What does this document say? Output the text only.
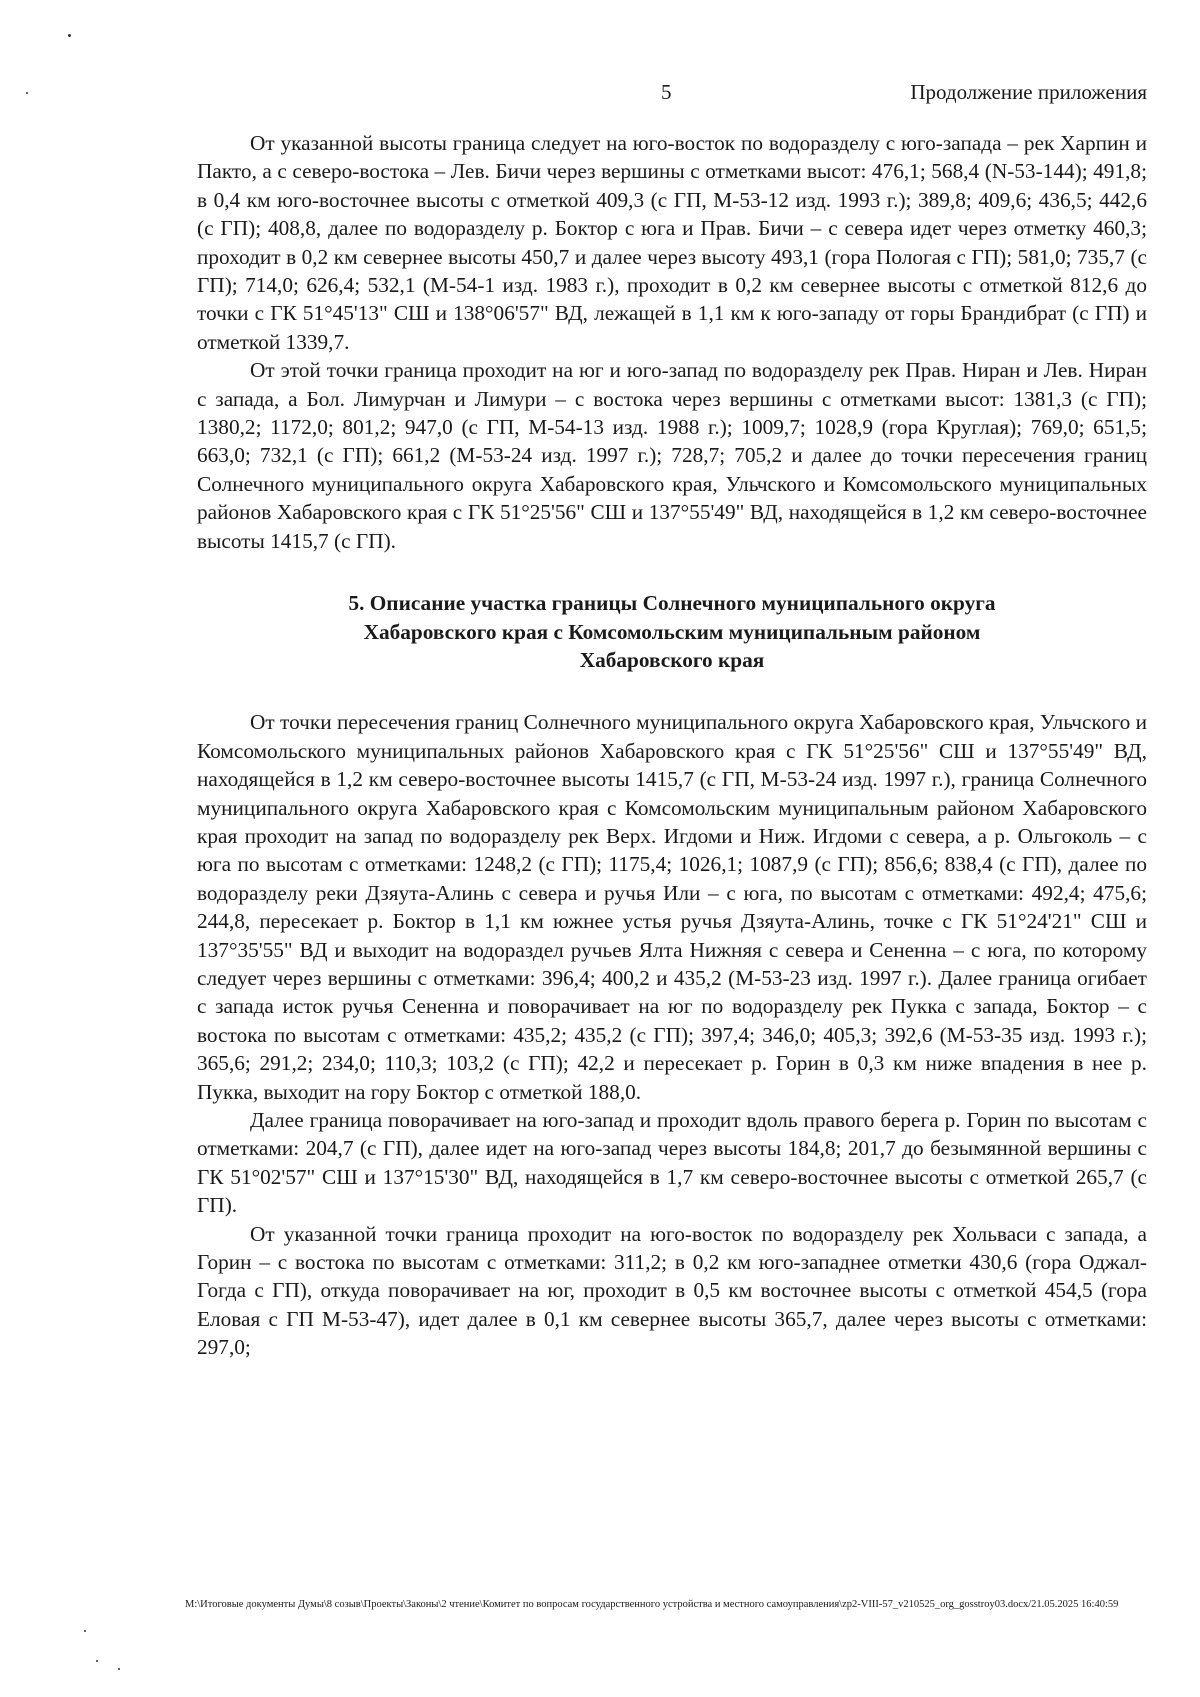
5	Продолжение приложения

От указанной высоты граница следует на юго-восток по водоразделу с юго-запада – рек Харпин и Пакто, а с северо-востока – Лев. Бичи через вершины с отметками высот: 476,1; 568,4 (N-53-144); 491,8; в 0,4 км юго-восточнее высоты с отметкой 409,3 (с ГП, М-53-12 изд. 1993 г.); 389,8; 409,6; 436,5; 442,6 (с ГП); 408,8, далее по водоразделу р. Боктор с юга и Прав. Бичи – с севера идет через отметку 460,3; проходит в 0,2 км севернее высоты 450,7 и далее через высоту 493,1 (гора Пологая с ГП); 581,0; 735,7 (с ГП); 714,0; 626,4; 532,1 (М-54-1 изд. 1983 г.), проходит в 0,2 км севернее высоты с отметкой 812,6 до точки с ГК 51°45'13" СШ и 138°06'57" ВД, лежащей в 1,1 км к юго-западу от горы Брандибрат (с ГП) и отметкой 1339,7.

От этой точки граница проходит на юг и юго-запад по водоразделу рек Прав. Ниран и Лев. Ниран с запада, а Бол. Лимурчан и Лимури – с востока через вершины с отметками высот: 1381,3 (с ГП); 1380,2; 1172,0; 801,2; 947,0 (с ГП, М-54-13 изд. 1988 г.); 1009,7; 1028,9 (гора Круглая); 769,0; 651,5; 663,0; 732,1 (с ГП); 661,2 (М-53-24 изд. 1997 г.); 728,7; 705,2 и далее до точки пересечения границ Солнечного муниципального округа Хабаровского края, Ульчского и Комсомольского муниципальных районов Хабаровского края с ГК 51°25'56" СШ и 137°55'49" ВД, находящейся в 1,2 км северо-восточнее высоты 1415,7 (с ГП).

5. Описание участка границы Солнечного муниципального округа
Хабаровского края с Комсомольским муниципальным районом
Хабаровского края

От точки пересечения границ Солнечного муниципального округа Хабаровского края, Ульчского и Комсомольского муниципальных районов Хабаровского края с ГК 51°25'56" СШ и 137°55'49" ВД, находящейся в 1,2 км северо-восточнее высоты 1415,7 (с ГП, М-53-24 изд. 1997 г.), граница Солнечного муниципального округа Хабаровского края с Комсомольским муниципальным районом Хабаровского края проходит на запад по водоразделу рек Верх. Игдоми и Ниж. Игдоми с севера, а р. Ольгоколь – с юга по высотам с отметками: 1248,2 (с ГП); 1175,4; 1026,1; 1087,9 (с ГП); 856,6; 838,4 (с ГП), далее по водоразделу реки Дзяута-Алинь с севера и ручья Или – с юга, по высотам с отметками: 492,4; 475,6; 244,8, пересекает р. Боктор в 1,1 км южнее устья ручья Дзяута-Алинь, точке с ГК 51°24'21" СШ и 137°35'55" ВД и выходит на водораздел ручьев Ялта Нижняя с севера и Сененна – с юга, по которому следует через вершины с отметками: 396,4; 400,2 и 435,2 (М-53-23 изд. 1997 г.). Далее граница огибает с запада исток ручья Сененна и поворачивает на юг по водоразделу рек Пукка с запада, Боктор – с востока по высотам с отметками: 435,2; 435,2 (с ГП); 397,4; 346,0; 405,3; 392,6 (М-53-35 изд. 1993 г.); 365,6; 291,2; 234,0; 110,3; 103,2 (с ГП); 42,2 и пересекает р. Горин в 0,3 км ниже впадения в нее р. Пукка, выходит на гору Боктор с отметкой 188,0.

Далее граница поворачивает на юго-запад и проходит вдоль правого берега р. Горин по высотам с отметками: 204,7 (с ГП), далее идет на юго-запад через высоты 184,8; 201,7 до безымянной вершины с ГК 51°02'57" СШ и 137°15'30" ВД, находящейся в 1,7 км северо-восточнее высоты с отметкой 265,7 (с ГП).

От указанной точки граница проходит на юго-восток по водоразделу рек Хольваси с запада, а Горин – с востока по высотам с отметками: 311,2; в 0,2 км юго-западнее отметки 430,6 (гора Оджал-Гогда с ГП), откуда поворачивает на юг, проходит в 0,5 км восточнее высоты с отметкой 454,5 (гора Еловая с ГП М-53-47), идет далее в 0,1 км севернее высоты 365,7, далее через высоты с отметками: 297,0;

М:\Итоговые документы Думы\8 созыв\Проекты\Законы\2 чтение\Комитет по вопросам государственного устройства и местного самоуправления\zp2-VIII-57_v210525_org_gosstroy03.docx/21.05.2025 16:40:59
